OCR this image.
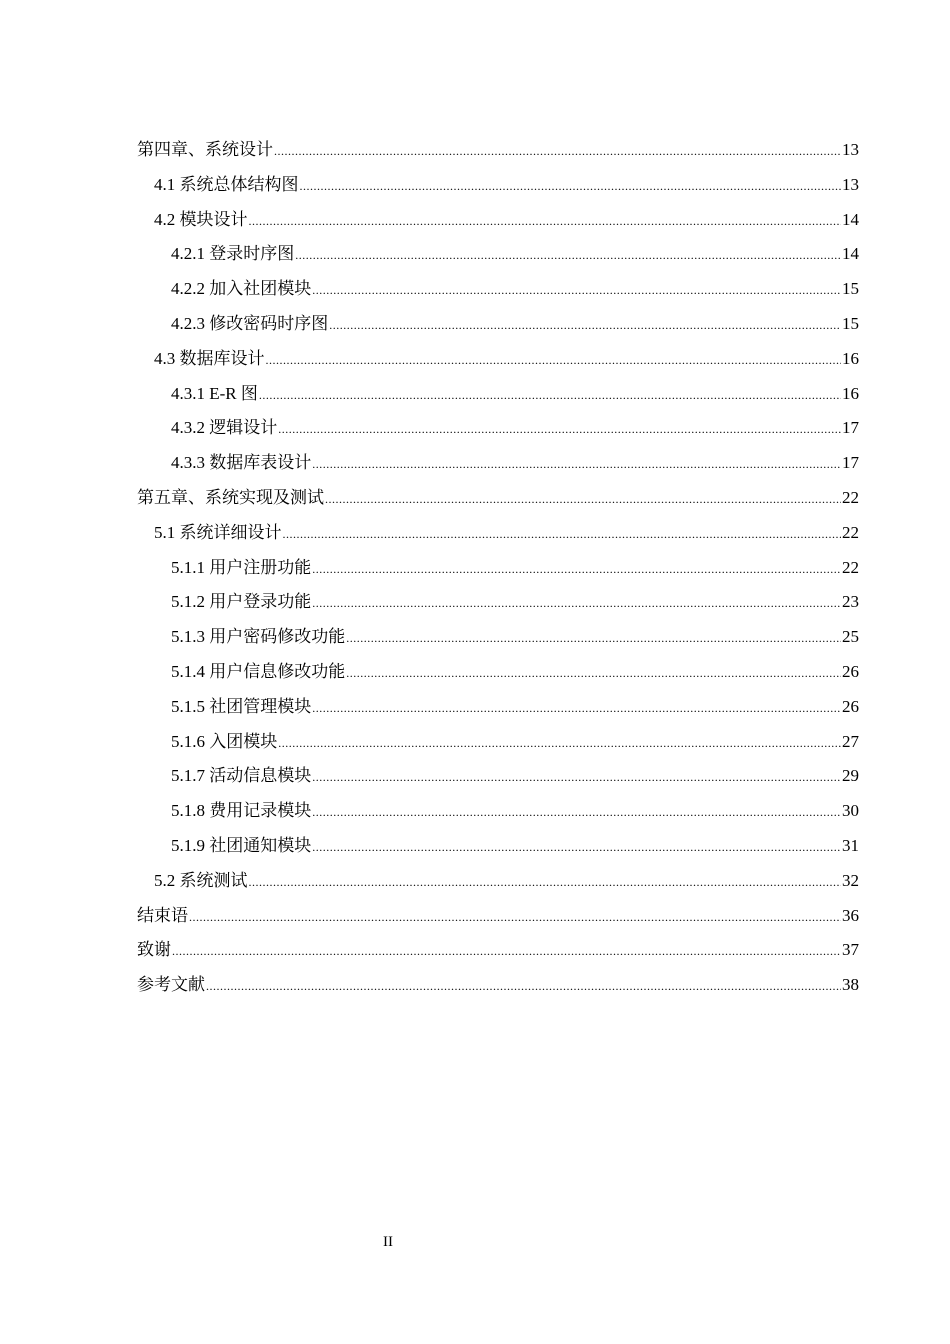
第四章、系统设计 .....	13
4.1 系统总体结构图 .....	13
4.2 模块设计 .....	14
4.2.1 登录时序图 .....	14
4.2.2 加入社团模块 .....	15
4.2.3 修改密码时序图 .....	15
4.3 数据库设计 .....	16
4.3.1 E-R 图 .....	16
4.3.2 逻辑设计 .....	17
4.3.3 数据库表设计 .....	17
第五章、系统实现及测试 .....	22
5.1 系统详细设计 .....	22
5.1.1 用户注册功能 .....	22
5.1.2 用户登录功能 .....	23
5.1.3 用户密码修改功能 .....	25
5.1.4 用户信息修改功能 .....	26
5.1.5 社团管理模块 .....	26
5.1.6 入团模块 .....	27
5.1.7 活动信息模块 .....	29
5.1.8 费用记录模块 .....	30
5.1.9 社团通知模块 .....	31
5.2 系统测试 .....	32
结束语 .....	36
致谢 .....	37
参考文献 .....	38
II
